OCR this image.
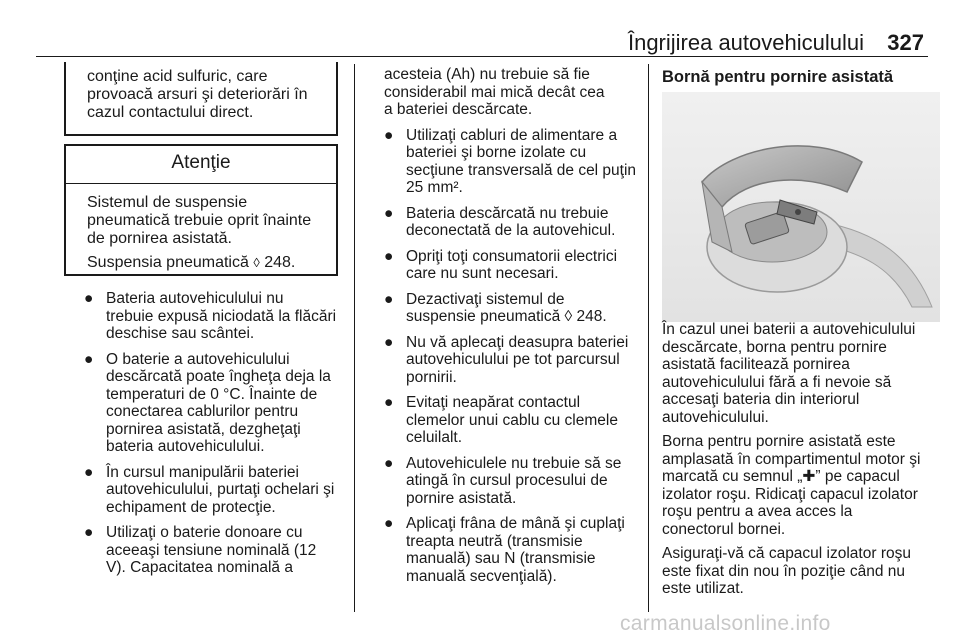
Îngrijirea autovehiculului 327
conţine acid sulfuric, care
provoacă arsuri şi deteriorări în
cazul contactului direct.
Atenţie

Sistemul de suspensie
pneumatică trebuie oprit înainte
de pornirea asistată.

Suspensia pneumatică ◊ 248.

● Bateria autovehiculului nu
trebuie expusă niciodată la flăcări
deschise sau scântei.
● O baterie a autovehiculului
descărcată poate îngheţa deja la
temperaturi de 0 °C. Înainte de
conectarea cablurilor pentru
pornirea asistată, dezgheţaţi
bateria autovehiculului.
● În cursul manipulării bateriei
autovehiculului, purtaţi ochelari şi
echipament de protecţie.
● Utilizaţi o baterie donoare cu
aceeaşi tensiune nominală (12
V). Capacitatea nominală a
acesteia (Ah) nu trebuie să fie
considerabil mai mică decât cea
a bateriei descărcate.
● Utilizaţi cabluri de alimentare a
bateriei şi borne izolate cu
secţiune transversală de cel puţin
25 mm².
● Bateria descărcată nu trebuie
deconectată de la autovehicul.
● Opriţi toţi consumatorii electrici
care nu sunt necesari.
● Dezactivaţi sistemul de
suspensie pneumatică ◊ 248.
● Nu vă aplecaţi deasupra bateriei
autovehiculului pe tot parcursul
pornirii.
● Evitaţi neapărat contactul
clemelor unui cablu cu clemele
celuilalt.
● Autovehiculele nu trebuie să se
atingă în cursul procesului de
pornire asistată.
● Aplicaţi frâna de mână şi cuplaţi
treapta neutră (transmisie
manuală) sau N (transmisie
manuală secvenţială).
Bornă pentru pornire asistată

În cazul unei baterii a autovehiculului
descărcate, borna pentru pornire
asistată facilitează pornirea
autovehiculului fără a fi nevoie să
accesaţi bateria din interiorul
autovehiculului.

Borna pentru pornire asistată este
amplasată în compartimentul motor şi
marcată cu semnul „✚” pe capacul
izolator roşu. Ridicaţi capacul izolator
roşu pentru a avea acces la
conectorul bornei.

Asiguraţi-vă că capacul izolator roşu
este fixat din nou în poziţie când nu
este utilizat.

carmanualsonline.info
